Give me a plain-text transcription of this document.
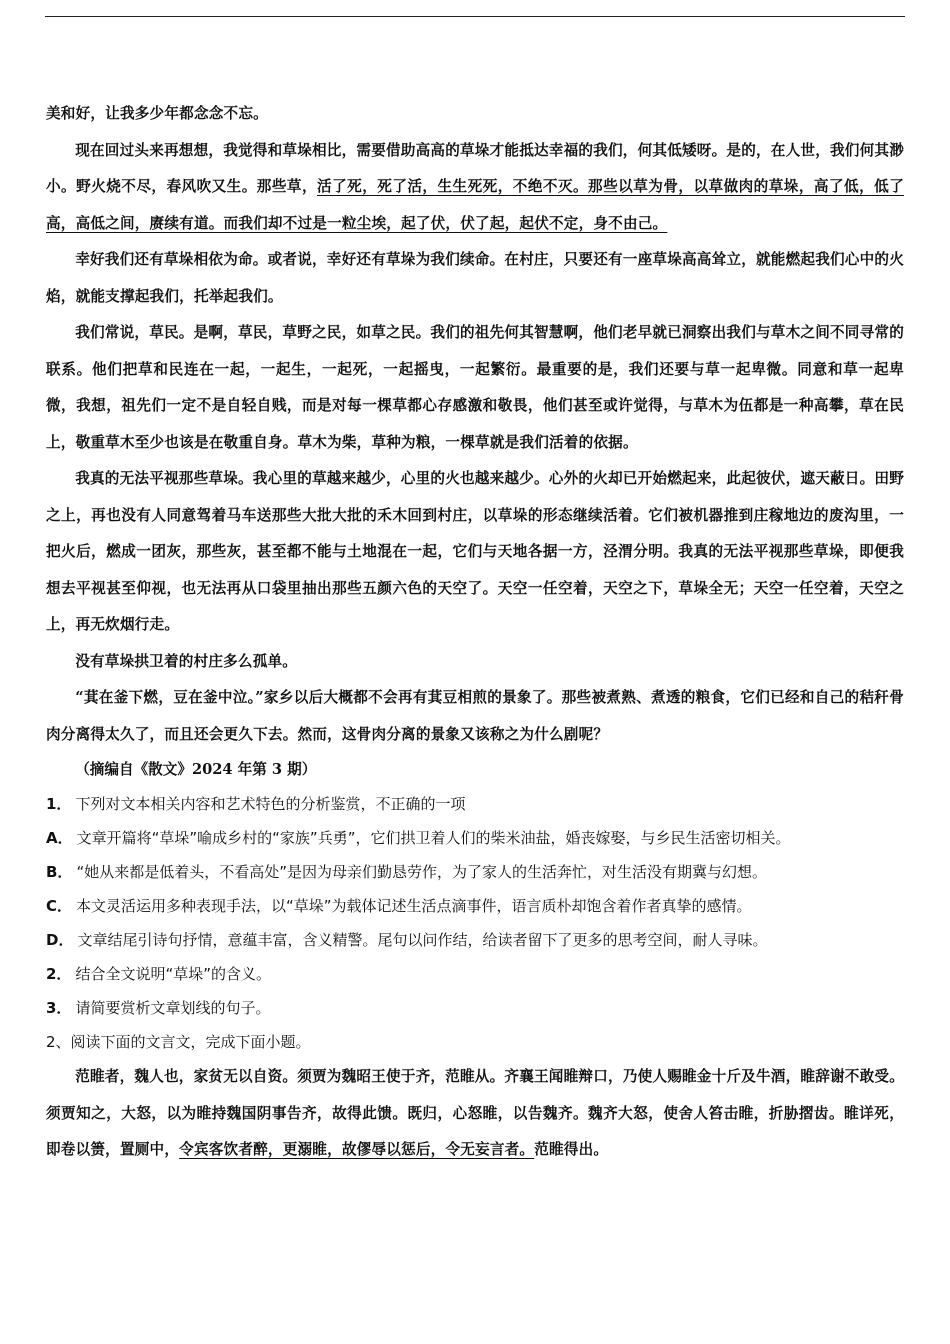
美和好，让我多少年都念念不忘。

现在回过头来再想想，我觉得和草垛相比，需要借助高高的草垛才能抵达幸福的我们，何其低矮呀。是的，在人世，我们何其渺小。野火烧不尽，春风吹又生。那些草，活了死，死了活，生生死死，不绝不灭。那些以草为骨，以草做肉的草垛，高了低，低了高，高低之间，赓续有道。而我们却不过是一粒尘埃，起了伏，伏了起，起伏不定，身不由己。

幸好我们还有草垛相依为命。或者说，幸好还有草垛为我们续命。在村庄，只要还有一座草垛高高耸立，就能燃起我们心中的火焰，就能支撑起我们，托举起我们。

我们常说，草民。是啊，草民，草野之民，如草之民。我们的祖先何其智慧啊，他们老早就已洞察出我们与草木之间不同寻常的联系。他们把草和民连在一起，一起生，一起死，一起摇曳，一起繁衍。最重要的是，我们还要与草一起卑微。同意和草一起卑微，我想，祖先们一定不是自轻自贱，而是对每一棵草都心存感激和敬畏，他们甚至或许觉得，与草木为伍都是一种高攀，草在民上，敬重草木至少也该是在敬重自身。草木为柴，草种为粮，一棵草就是我们活着的依据。

我真的无法平视那些草垛。我心里的草越来越少，心里的火也越来越少。心外的火却已开始燃起来，此起彼伏，遮天蔽日。田野之上，再也没有人同意驾着马车送那些大批大批的禾木回到村庄，以草垛的形态继续活着。它们被机器推到庄稼地边的废沟里，一把火后，燃成一团灰，那些灰，甚至都不能与土地混在一起，它们与天地各据一方，泾渭分明。我真的无法平视那些草垛，即便我想去平视甚至仰视，也无法再从口袋里抽出那些五颜六色的天空了。天空一任空着，天空之下，草垛全无；天空一任空着，天空之上，再无炊烟行走。

没有草垛拱卫着的村庄多么孤单。

“萁在釜下燃，豆在釜中泣。”家乡以后大概都不会再有萁豆相煎的景象了。那些被煮熟、煮透的粮食，它们已经和自己的秸秆骨肉分离得太久了，而且还会更久下去。然而，这骨肉分离的景象又该称之为什么剧呢？

（摘编自《散文》2024 年第 3 期）

1． 下列对文本相关内容和艺术特色的分析鉴赏，不正确的一项

A． 文章开篇将“草垛”喻成乡村的“家族”兵勇”，它们拱卫着人们的柴米油盐，婚丧嫁娶，与乡民生活密切相关。

B． “她从来都是低着头，不看高处”是因为母亲们勤恳劳作，为了家人的生活奔忙，对生活没有期冀与幻想。

C． 本文灵活运用多种表现手法，以“草垛”为载体记述生活点滴事件，语言质朴却饱含着作者真挚的感情。

D． 文章结尾引诗句抒情，意蕴丰富，含义精警。尾句以问作结，给读者留下了更多的思考空间，耐人寻味。

2． 结合全文说明“草垛”的含义。

3． 请简要赏析文章划线的句子。

2、阅读下面的文言文，完成下面小题。

范睢者，魏人也，家贫无以自资。须贾为魏昭王使于齐，范睢从。齐襄王闻睢辩口，乃使人赐睢金十斤及牛酒，睢辞谢不敢受。须贾知之，大怒，以为睢持魏国阴事告齐，故得此馈。既归，心怒睢，以告魏齐。魏齐大怒，使舍人笞击睢，折胁摺齿。睢详死，即卷以箦，置厕中，令宾客饮者醉，更溺睢，故僇辱以惩后，令无妄言者。范睢得出。
